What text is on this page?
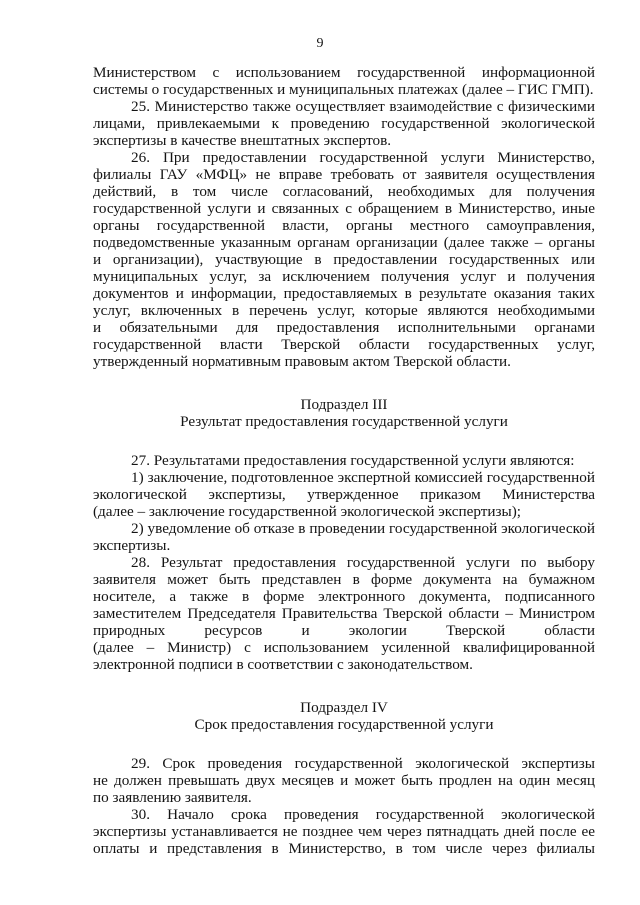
9

Министерством с использованием государственной информационной

системы о государственных и муниципальных платежах (далее – ГИС ГМП).

25. Министерство также осуществляет взаимодействие с физическими

лицами, привлекаемыми к проведению государственной экологической

экспертизы в качестве внештатных экспертов.

26. При предоставлении государственной услуги Министерство,

филиалы ГАУ «МФЦ» не вправе требовать от заявителя осуществления

действий, в том числе согласований, необходимых для получения

государственной услуги и связанных с обращением в Министерство, иные

органы государственной власти, органы местного самоуправления,

подведомственные указанным органам организации (далее также – органы

и организации), участвующие в предоставлении государственных или

муниципальных услуг, за исключением получения услуг и получения

документов и информации, предоставляемых в результате оказания таких

услуг, включенных в перечень услуг, которые являются необходимыми

и обязательными для предоставления исполнительными органами

государственной власти Тверской области государственных услуг,

утвержденный нормативным правовым актом Тверской области.

Подраздел III

Результат предоставления государственной услуги

27. Результатами предоставления государственной услуги являются:

1) заключение, подготовленное экспертной комиссией государственной

экологической экспертизы, утвержденное приказом Министерства

(далее – заключение государственной экологической экспертизы);

2) уведомление об отказе в проведении государственной экологической

экспертизы.

28. Результат предоставления государственной услуги по выбору

заявителя может быть представлен в форме документа на бумажном

носителе, а также в форме электронного документа, подписанного

заместителем Председателя Правительства Тверской области – Министром

природных ресурсов и экологии Тверской области

(далее – Министр) с использованием усиленной квалифицированной

электронной подписи в соответствии с законодательством.

Подраздел IV

Срок предоставления государственной услуги

29. Срок проведения государственной экологической экспертизы

не должен превышать двух месяцев и может быть продлен на один месяц

по заявлению заявителя.

30. Начало срока проведения государственной экологической

экспертизы устанавливается не позднее чем через пятнадцать дней после ее

оплаты и представления в Министерство, в том числе через филиалы
